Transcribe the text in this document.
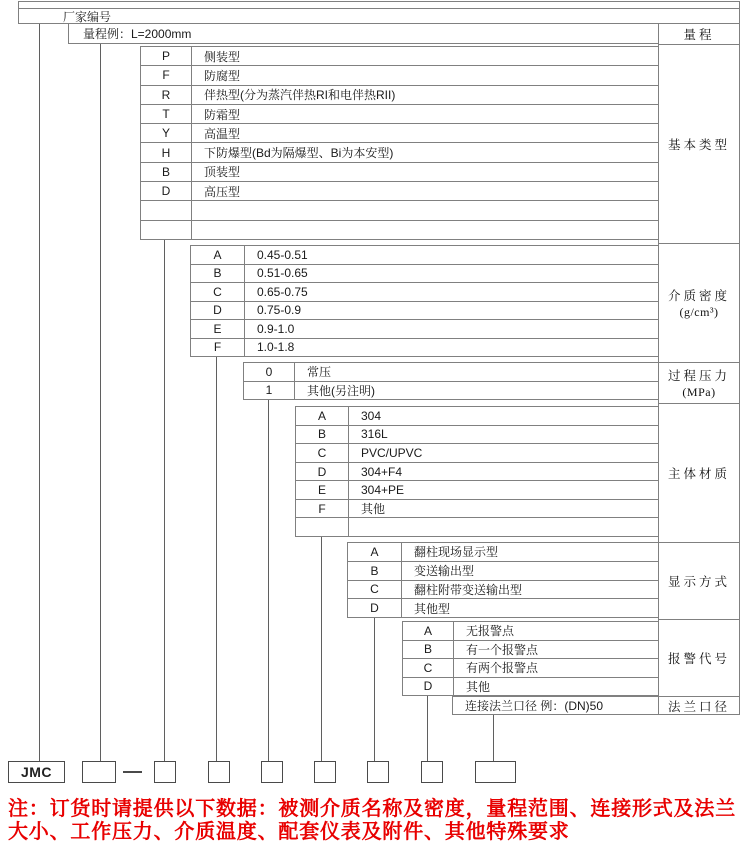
厂家编号
量程例：L=2000mm	量程
基本类型
介质密度
(g/cm³)
过程压力
(MPa)
主体材质
显示方式
报警代号
法兰口径
P	侧装型
F	防腐型
R	伴热型(分为蒸汽伴热RI和电伴热RII)
T	防霜型
Y	高温型
H	下防爆型(Bd为隔爆型、Bi为本安型)
B	顶装型
D	高压型
A	0.45-0.51
B	0.51-0.65
C	0.65-0.75
D	0.75-0.9
E	0.9-1.0
F	1.0-1.8
0	常压
1	其他(另注明)
A	304
B	316L
C	PVC/UPVC
D	304+F4
E	304+PE
F	其他
A	翻柱现场显示型
B	变送输出型
C	翻柱附带变送输出型
D	其他型
A	无报警点
B	有一个报警点
C	有两个报警点
D	其他
连接法兰口径 例：(DN)50
JMC
注：订货时请提供以下数据：被测介质名称及密度，量程范围、连接形式及法兰
大小、工作压力、介质温度、配套仪表及附件、其他特殊要求
